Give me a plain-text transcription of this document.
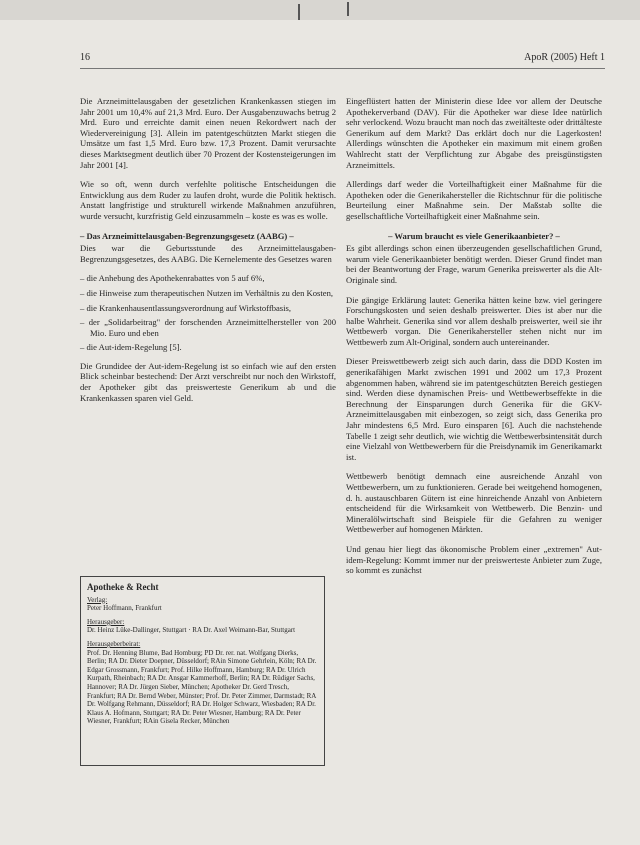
16	ApoR (2005) Heft 1

Die Arzneimittelausgaben der gesetzlichen Krankenkassen stiegen im Jahr 2001 um 10,4% auf 21,3 Mrd. Euro. Der Ausgabenzuwachs betrug 2 Mrd. Euro und erreichte damit einen neuen Rekordwert nach der Wiedervereinigung [3]. Allein im patentgeschützten Markt stiegen die Umsätze um fast 1,5 Mrd. Euro bzw. 17,3 Prozent. Damit verursachte dieses Marktsegment deutlich über 70 Prozent der Kostensteigerungen im Jahr 2001 [4].

Wie so oft, wenn durch verfehlte politische Entscheidungen die Entwicklung aus dem Ruder zu laufen droht, wurde die Politik hektisch. Anstatt langfristige und strukturell wirkende Maßnahmen anzuführen, wurde versucht, kurzfristig Geld einzusammeln – koste es was es wolle.

– Das Arzneimittelausgaben-Begrenzungsgesetz (AABG) –

Dies war die Geburtsstunde des Arzneimittelausgaben-Begrenzungsgesetzes, des AABG. Die Kernelemente des Gesetzes waren

– die Anhebung des Apothekenrabattes von 5 auf 6%,
– die Hinweise zum therapeutischen Nutzen im Verhältnis zu den Kosten,
– die Krankenhausentlassungsverordnung auf Wirkstoffbasis,
– der „Solidarbeitrag" der forschenden Arzneimittelhersteller von 200 Mio. Euro und eben
– die Aut-idem-Regelung [5].

Die Grundidee der Aut-idem-Regelung ist so einfach wie auf den ersten Blick scheinbar bestechend: Der Arzt verschreibt nur noch den Wirkstoff, der Apotheker gibt das preiswerteste Generikum ab und die Krankenkassen sparen viel Geld.

Apotheke & Recht
Verlag:
Peter Hoffmann, Frankfurt
Herausgeber:
Dr. Heinz Lüke-Dallinger, Stuttgart · RA Dr. Axel Weimann-Bar, Stuttgart
Herausgeberbeirat:
Prof. Dr. Henning Blume, Bad Homburg; PD Dr. rer. nat. Wolfgang Dierks, Berlin; RA Dr. Dieter Doepner, Düsseldorf; RAin Simone Gehrlein, Köln; RA Dr. Edgar Grossmann, Frankfurt; Prof. Hilke Hoffmann, Hamburg; RA Dr. Ulrich Kurpath, Rheinbach; RA Dr. Ansgar Kammerhoff, Berlin; RA Dr. Rüdiger Sachs, Hannover; RA Dr. Jürgen Sieber, München; Apotheker Dr. Gerd Tresch, Frankfurt; RA Dr. Bernd Weber, Münster; Prof. Dr. Peter Zimmer, Darmstadt; RA Dr. Wolfgang Rehmann, Düsseldorf; RA Dr. Holger Schwarz, Wiesbaden; RA Dr. Klaus A. Hofmann, Stuttgart; RA Dr. Peter Wiesner, Hamburg; RA Dr. Peter Wiesner, Frankfurt; RAin Gisela Recker, München

Eingeflüstert hatten der Ministerin diese Idee vor allem der Deutsche Apothekerverband (DAV). Für die Apotheker war diese Idee natürlich sehr verlockend. Wozu braucht man noch das zweitälteste oder drittälteste Generikum auf dem Markt? Das erklärt doch nur die Lagerkosten! Allerdings wünschten die Apotheker ein maximum mit einem großen Wahlrecht statt der Verpflichtung zur Abgabe des preisgünstigsten Arzneimittels.

Allerdings darf weder die Vorteilhaftigkeit einer Maßnahme für die Apotheken oder die Generikahersteller die Richtschnur für die politische Beurteilung einer Maßnahme sein. Der Maßstab sollte die gesellschaftliche Vorteilhaftigkeit einer Maßnahme sein.

– Warum braucht es viele Generikaanbieter? –

Es gibt allerdings schon einen überzeugenden gesellschaftlichen Grund, warum viele Generikaanbieter benötigt werden. Dieser Grund findet man bei der Beantwortung der Frage, warum Generika preiswerter als die Alt-Originale sind.

Die gängige Erklärung lautet: Generika hätten keine bzw. viel geringere Forschungskosten und seien deshalb preiswerter. Dies ist aber nur die halbe Wahrheit. Generika sind vor allem deshalb preiswerter, weil sie ihr Wettbewerb vorgan. Die Generikahersteller stehen nicht nur im Wettbewerb zum Alt-Original, sondern auch untereinander.

Dieser Preiswettbewerb zeigt sich auch darin, dass die DDD Kosten im generikafähigen Markt zwischen 1991 und 2002 um 17,3 Prozent abgenommen haben, während sie im patentgeschützten Bereich gestiegen sind. Werden diese dynamischen Preis- und Wettbewerbseffekte in die Berechnung der Einsparungen durch Generika für die GKV-Arzneimittelausgaben mit einbezogen, so zeigt sich, dass Generika pro Jahr mindestens 6,5 Mrd. Euro einsparen [6]. Auch die nachstehende Tabelle 1 zeigt sehr deutlich, wie wichtig die Wettbewerbsintensität durch eine Vielzahl von Wettbewerbern für die Preisdynamik im Generikamarkt ist.

Wettbewerb benötigt demnach eine ausreichende Anzahl von Wettbewerbern, um zu funktionieren. Gerade bei weitgehend homogenen, d. h. austauschbaren Gütern ist eine hinreichende Anzahl von Anbietern entscheidend für die Wirksamkeit von Wettbewerb. Die Benzin- und Mineralölwirtschaft sind Beispiele für die Gefahren zu weniger Wettbewerber auf homogenen Märkten.

Und genau hier liegt das ökonomische Problem einer „extremen" Aut-idem-Regelung: Kommt immer nur der preiswerteste Anbieter zum Zuge, so kommt es zunächst
